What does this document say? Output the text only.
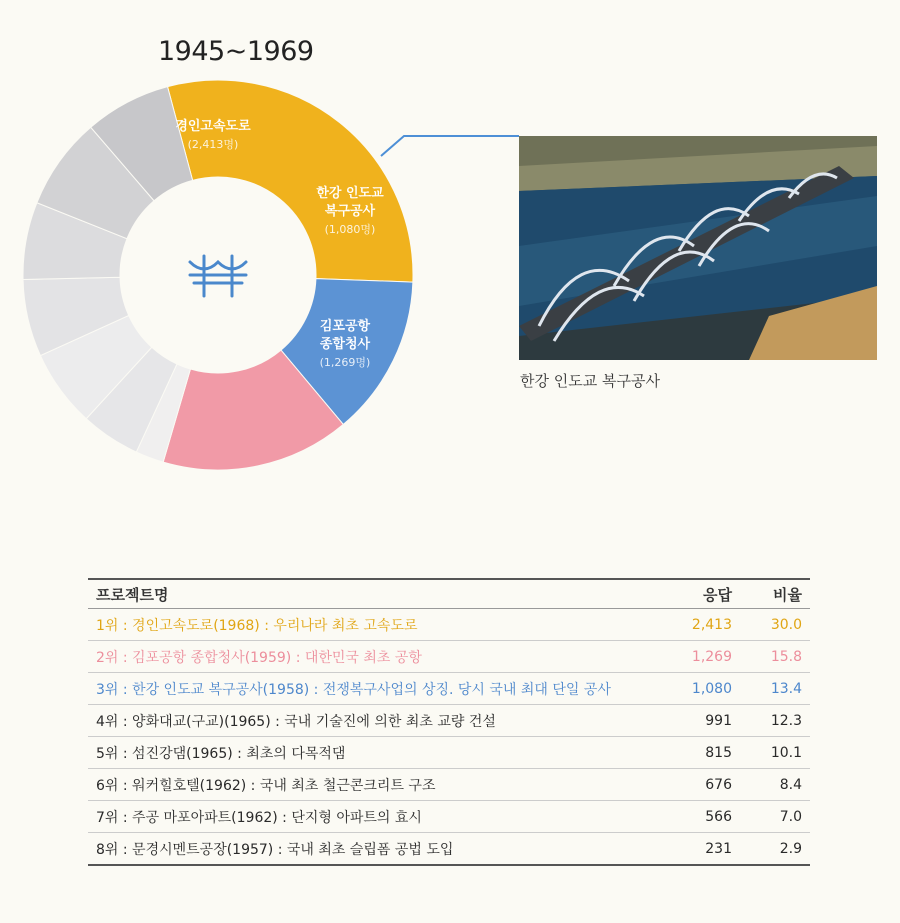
1945~1969
경인고속도로
(2,413명)
한강 인도교
복구공사
(1,080명)
김포공항
종합청사
(1,269명)
한강 인도교 복구공사
프로젝트명	응답	비율
1위 : 경인고속도로(1968) : 우리나라 최초 고속도로	2,413	30.0
2위 : 김포공항 종합청사(1959) : 대한민국 최초 공항	1,269	15.8
3위 : 한강 인도교 복구공사(1958) : 전쟁복구사업의 상징. 당시 국내 최대 단일 공사	1,080	13.4
4위 : 양화대교(구교)(1965) : 국내 기술진에 의한 최초 교량 건설	991	12.3
5위 : 섬진강댐(1965) : 최초의 다목적댐	815	10.1
6위 : 워커힐호텔(1962) : 국내 최초 철근콘크리트 구조	676	8.4
7위 : 주공 마포아파트(1962) : 단지형 아파트의 효시	566	7.0
8위 : 문경시멘트공장(1957) : 국내 최초 슬립폼 공법 도입	231	2.9
